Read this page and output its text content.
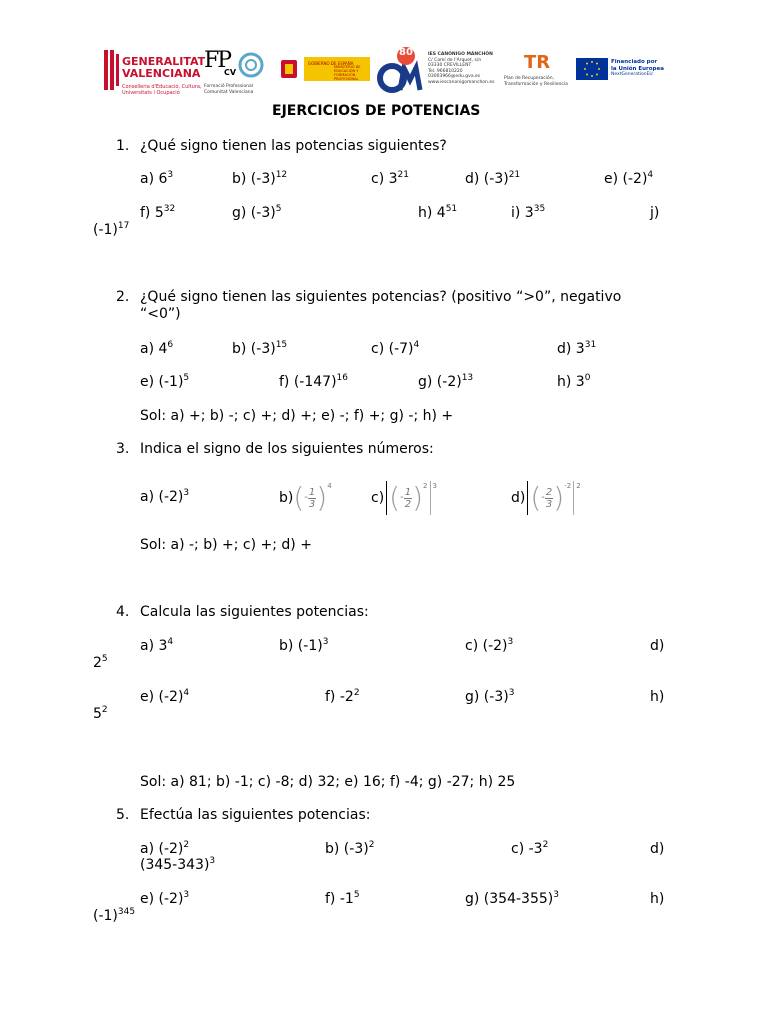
GENERALITAT
VALENCIANA
Conselleria d'Educació, Cultura,
Universitats i Ocupació
FP
CV
Formació Professional
Comunitat Valenciana
GOBIERNO DE ESPAÑA
MINISTERIO DE EDUCACIÓN Y FORMACIÓN PROFESIONAL
80	IES CANÓNIGO MANCHÓN
C/ Camí de l'Arquet, s/n
03330 CREVILLENT
Tel. 966810220
03003966@edu.gva.es
www.iescanonigomanchon.es
TR
Plan de Recuperación,
Transformación y Resiliencia
Financiado por
la Unión Europea
NextGenerationEU
EJERCICIOS DE POTENCIAS
1. ¿Qué signo tienen las potencias siguientes?
a) $6^3$	b) $(-3)^{12}$	c) $3^{21}$	d) $(-3)^{21}$	e) $(-2)^4$
f) $5^{32}$	g) $(-3)^5$	h) $4^{51}$	i) $3^{35}$	j)
$(-1)^{17}$
2. ¿Qué signo tienen las siguientes potencias? (positivo “>0”, negativo
“<0”)
a) $4^6$	b) $(-3)^{15}$	c) $(-7)^4$	d) $3^{31}$
e) $(-1)^5$	f) $(-147)^{16}$	g) $(-2)^{13}$	h) $3^0$
Sol: a) +; b) -; c) +; d) +; e) -; f) +; g) -; h) +
3. Indica el signo de los siguientes números:
a) $(-2)^3$	$b)(- \frac{1}{3} )^4$
c) (- $\frac{1}{2} )^2$ $^3$
d) (- $\frac{2}{3} )^{-2}$ $^2$
Sol: a) -; b) +; c) +; d) +
4. Calcula las siguientes potencias:
a) $3^4$	b) $(-1)^3$	c) $(-2)^3$	d)
$2^5$
e) $(-2)^4$	f) $-2^2$	g) $(-3)^3$	h)
$5^2$
Sol: a) 81; b) -1; c) -8; d) 32; e) 16; f) -4; g) -27; h) 25
5. Efectúa las siguientes potencias:
a) $(-2)^2$	b) $(-3)^2$	c) $-3^2$	d)
$(345-343)^3$
e) $(-2)^3$	f) $-1^5$	g) $(354-355)^3$	h)
$(-1)^{345}$
